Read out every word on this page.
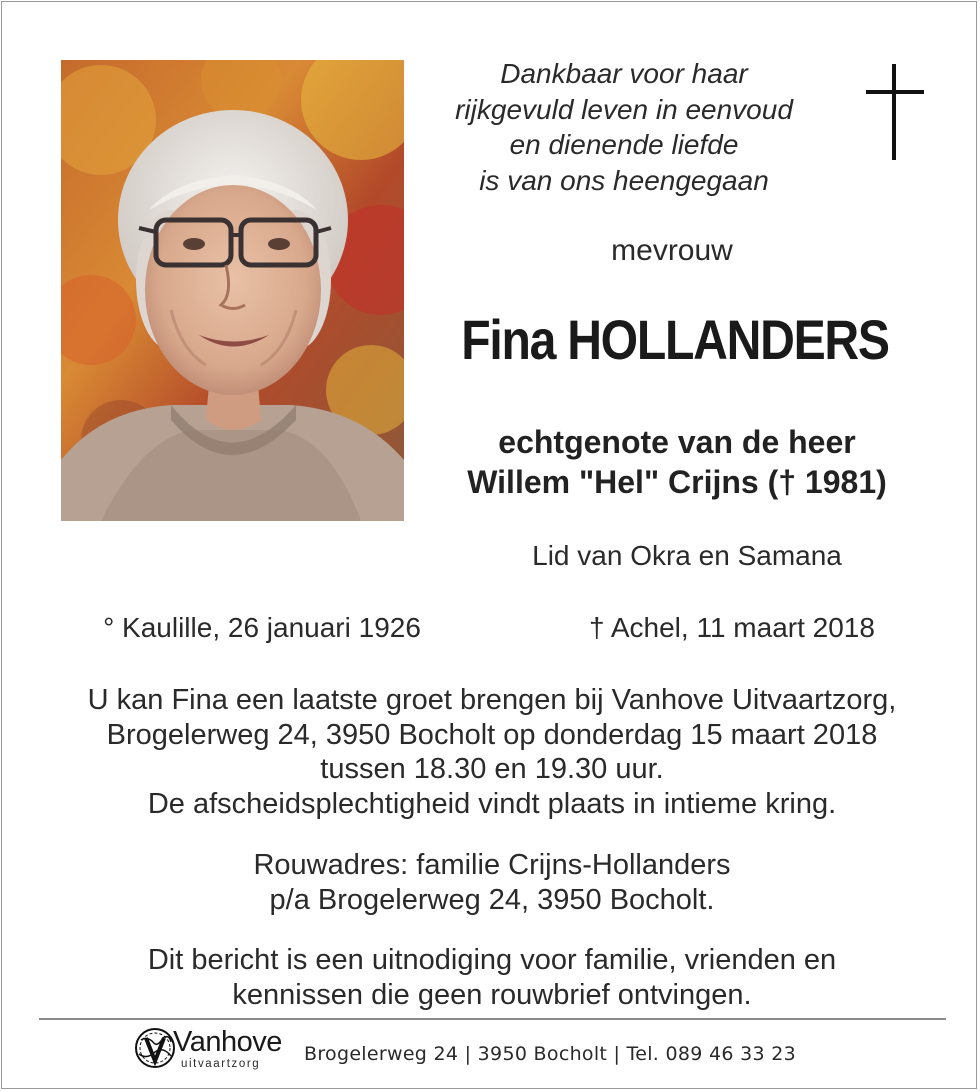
Dankbaar voor haar
rijkgevuld leven in eenvoud
en dienende liefde
is van ons heengegaan
mevrouw
Fina HOLLANDERS
echtgenote van de heer
Willem "Hel" Crijns († 1981)
Lid van Okra en Samana
° Kaulille, 26 januari 1926	† Achel, 11 maart 2018
U kan Fina een laatste groet brengen bij Vanhove Uitvaartzorg,
Brogelerweg 24, 3950 Bocholt op donderdag 15 maart 2018
tussen 18.30 en 19.30 uur.
De afscheidsplechtigheid vindt plaats in intieme kring.
Rouwadres: familie Crijns-Hollanders
p/a Brogelerweg 24, 3950 Bocholt.
Dit bericht is een uitnodiging voor familie, vrienden en
kennissen die geen rouwbrief ontvingen.
Vanhove
uitvaartzorg Brogelerweg 24 | 3950 Bocholt | Tel. 089 46 33 23
